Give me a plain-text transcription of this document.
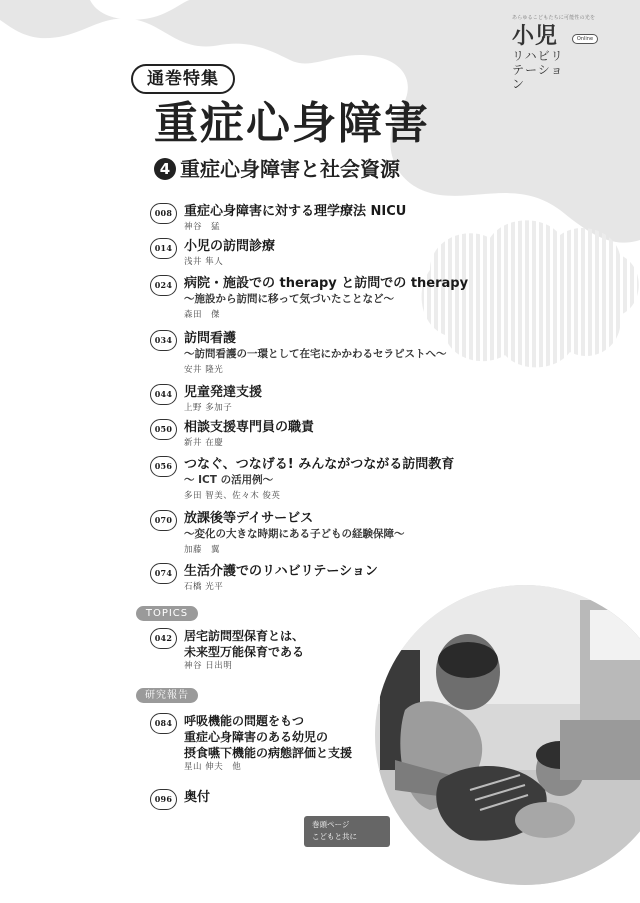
あらゆるこどもたちに可能性の光を
小児	Online
リハビリテーション
通巻特集
重症心身障害
4 重症心身障害と社会資源
008 重症心身障害に対する理学療法 NICU
神谷　猛
014 小児の訪問診療
浅井 隼人
024 病院・施設での therapy と訪問での therapy
～施設から訪問に移って気づいたことなど～
森田　傑
034 訪問看護
～訪問看護の一環として在宅にかかわるセラピストへ～
安井 隆光
044 児童発達支援
上野 多加子
050 相談支援専門員の職責
新井 在慶
056 つなぐ、つなげる! みんながつながる訪問教育
～ ICT の活用例～
多田 智美、佐々木 俊英
070 放課後等デイサービス
～変化の大きな時期にある子どもの経験保障～
加藤　翼
074 生活介護でのリハビリテーション
石橋 光平
042 居宅訪問型保育とは、
未来型万能保育である
神谷 日出明
084 呼吸機能の問題をもつ
重症心身障害のある幼児の
摂食嚥下機能の病態評価と支援
星山 伸夫　他
096 奥付
TOPICS
研究報告
巻頭ページ
こどもと共に
